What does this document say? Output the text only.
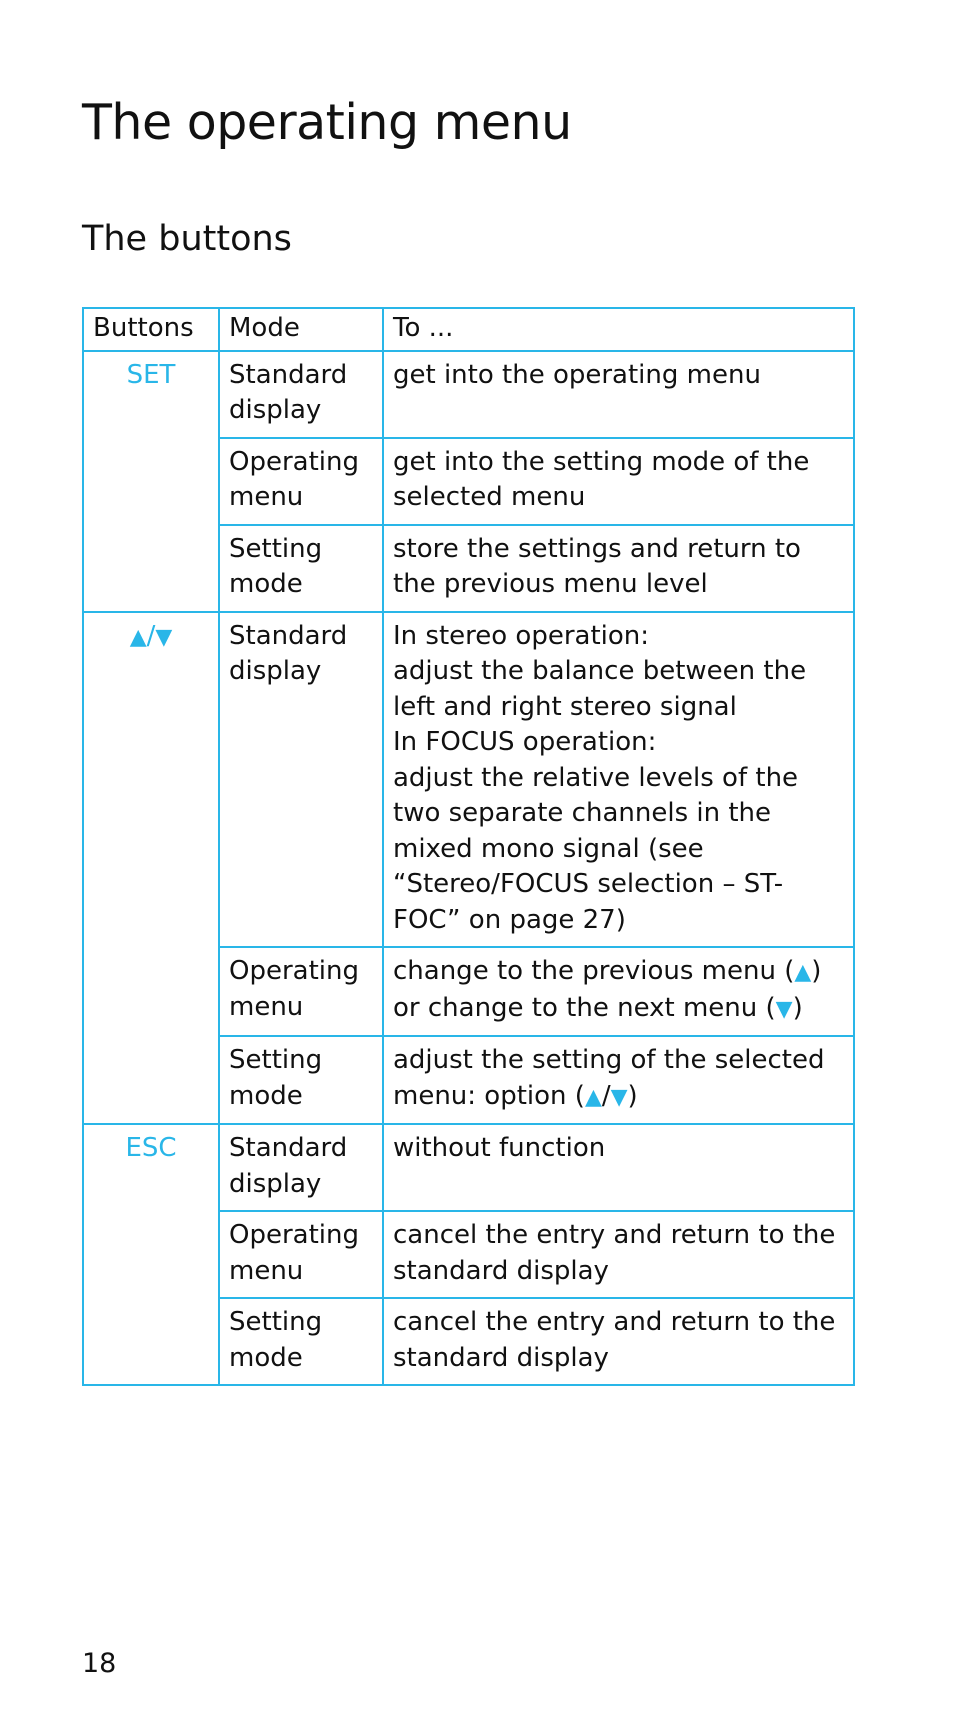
The operating menu
The buttons
Buttons	Mode	To ...
SET	Standard display	get into the operating menu
	Operating menu	get into the setting mode of the selected menu
	Setting mode	store the settings and return to the previous menu level
▲/▼	Standard display	In stereo operation:
adjust the balance between the left and right stereo signal
In FOCUS operation:
adjust the relative levels of the two separate channels in the mixed mono signal (see “Stereo/FOCUS selection – ST-FOC” on page 27)

	Operating menu	change to the previous menu (▲) or change to the next menu (▼)
	Setting mode	adjust the setting of the selected menu: option (▲/▼)
ESC	Standard display	without function
	Operating menu	cancel the entry and return to the standard display
	Setting mode	cancel the entry and return to the standard display
18
